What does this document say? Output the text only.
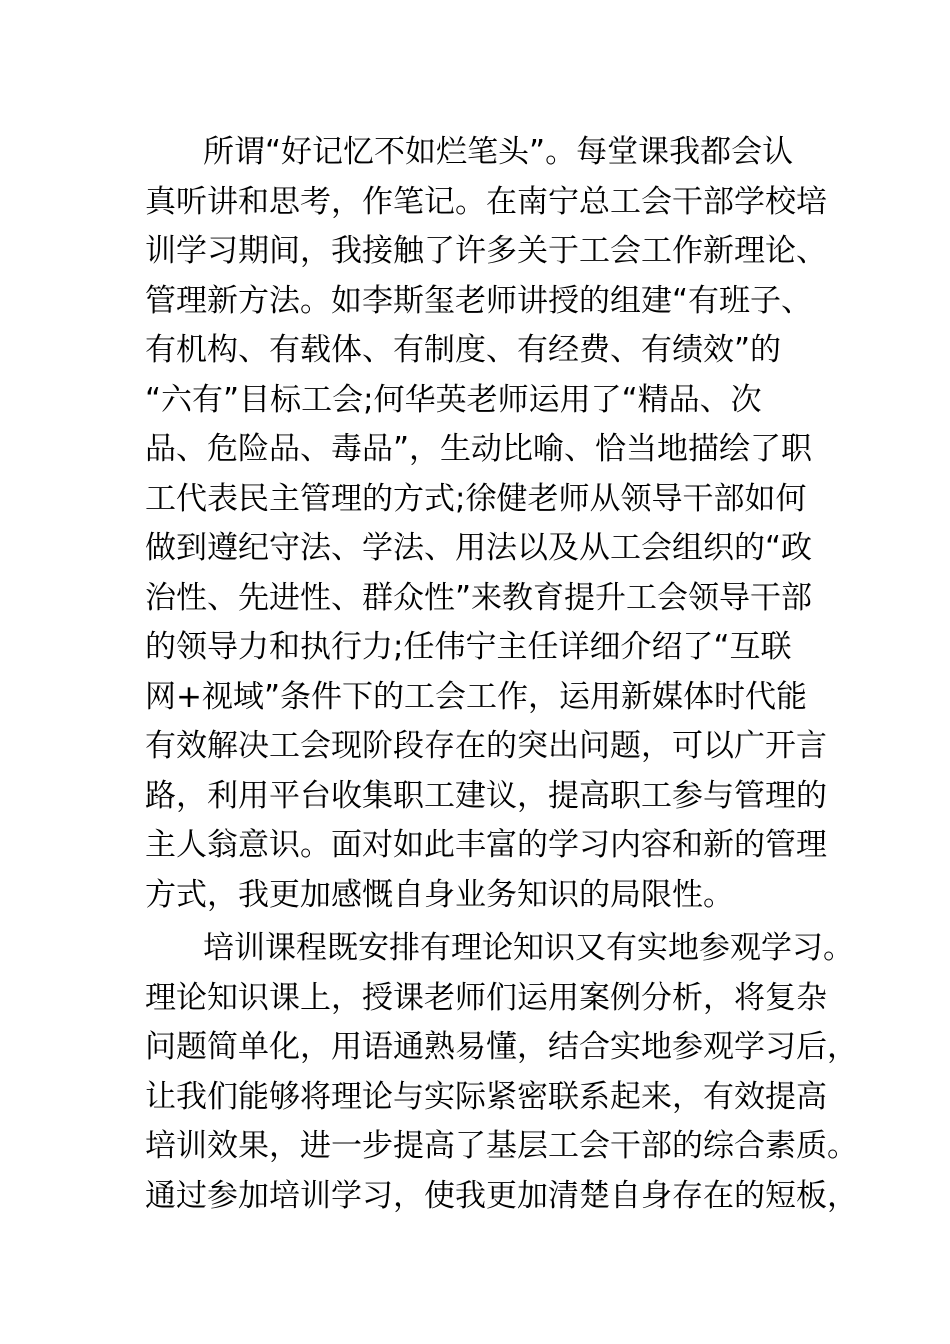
所谓“好记忆不如烂笔头”。每堂课我都会认
真听讲和思考，作笔记。在南宁总工会干部学校培
训学习期间，我接触了许多关于工会工作新理论、
管理新方法。如李斯玺老师讲授的组建“有班子、
有机构、有载体、有制度、有经费、有绩效”的
“六有”目标工会;何华英老师运用了“精品、次
品、危险品、毒品”，生动比喻、恰当地描绘了职
工代表民主管理的方式;徐健老师从领导干部如何
做到遵纪守法、学法、用法以及从工会组织的“政
治性、先进性、群众性”来教育提升工会领导干部
的领导力和执行力;任伟宁主任详细介绍了“互联
网+视域”条件下的工会工作，运用新媒体时代能
有效解决工会现阶段存在的突出问题，可以广开言
路，利用平台收集职工建议，提高职工参与管理的
主人翁意识。面对如此丰富的学习内容和新的管理
方式，我更加感慨自身业务知识的局限性。
培训课程既安排有理论知识又有实地参观学习。
理论知识课上，授课老师们运用案例分析，将复杂
问题简单化，用语通熟易懂，结合实地参观学习后，
让我们能够将理论与实际紧密联系起来，有效提高
培训效果，进一步提高了基层工会干部的综合素质。
通过参加培训学习，使我更加清楚自身存在的短板，
